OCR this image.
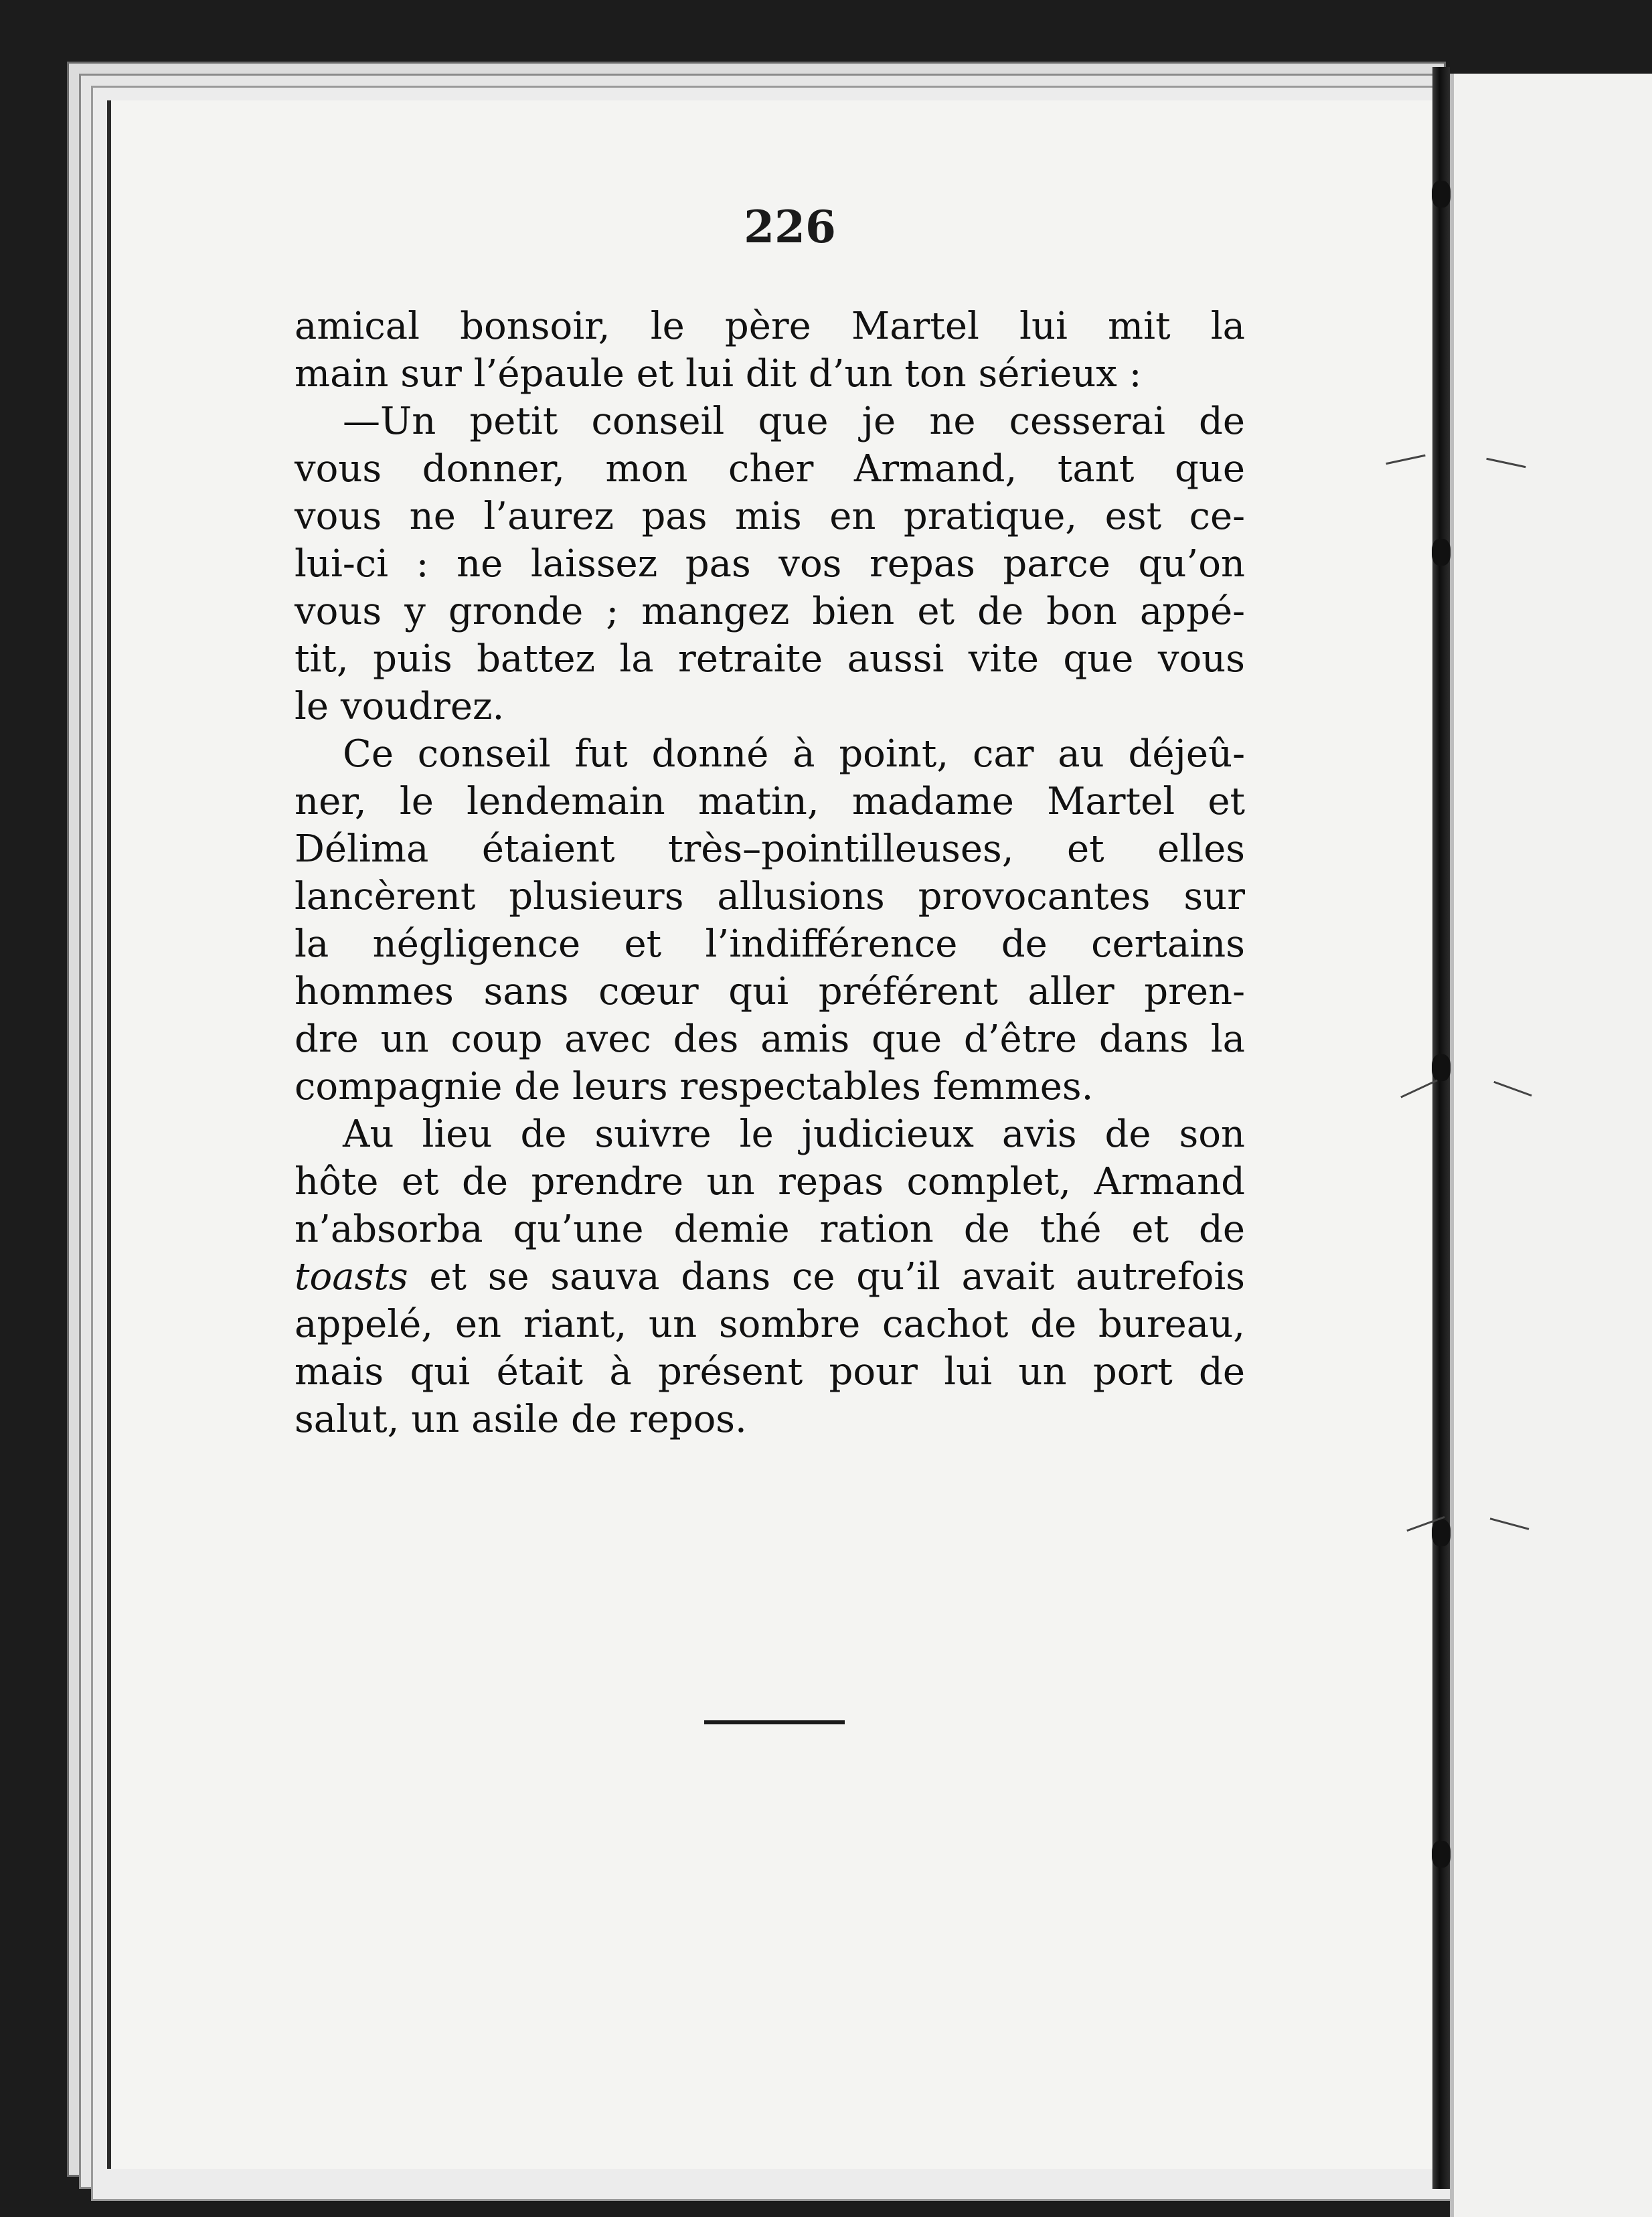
226

amical bonsoir, le père Martel lui mit la

main sur l’épaule et lui dit d’un ton sérieux :

—Un petit conseil que je ne cesserai de

vous donner, mon cher Armand, tant que

vous ne l’aurez pas mis en pratique, est ce-

lui-ci : ne laissez pas vos repas parce qu’on

vous y gronde ; mangez bien et de bon appé-

tit, puis battez la retraite aussi vite que vous

le voudrez.

Ce conseil fut donné à point, car au déjeû-

ner, le lendemain matin, madame Martel et

Délima étaient très–pointilleuses, et elles

lancèrent plusieurs allusions provocantes sur

la négligence et l’indifférence de certains

hommes sans cœur qui préférent aller pren-

dre un coup avec des amis que d’être dans la

compagnie de leurs respectables femmes.

Au lieu de suivre le judicieux avis de son

hôte et de prendre un repas complet, Armand

n’absorba qu’une demie ration de thé et de

toasts et se sauva dans ce qu’il avait autrefois

appelé, en riant, un sombre cachot de bureau,

mais qui était à présent pour lui un port de

salut, un asile de repos.
